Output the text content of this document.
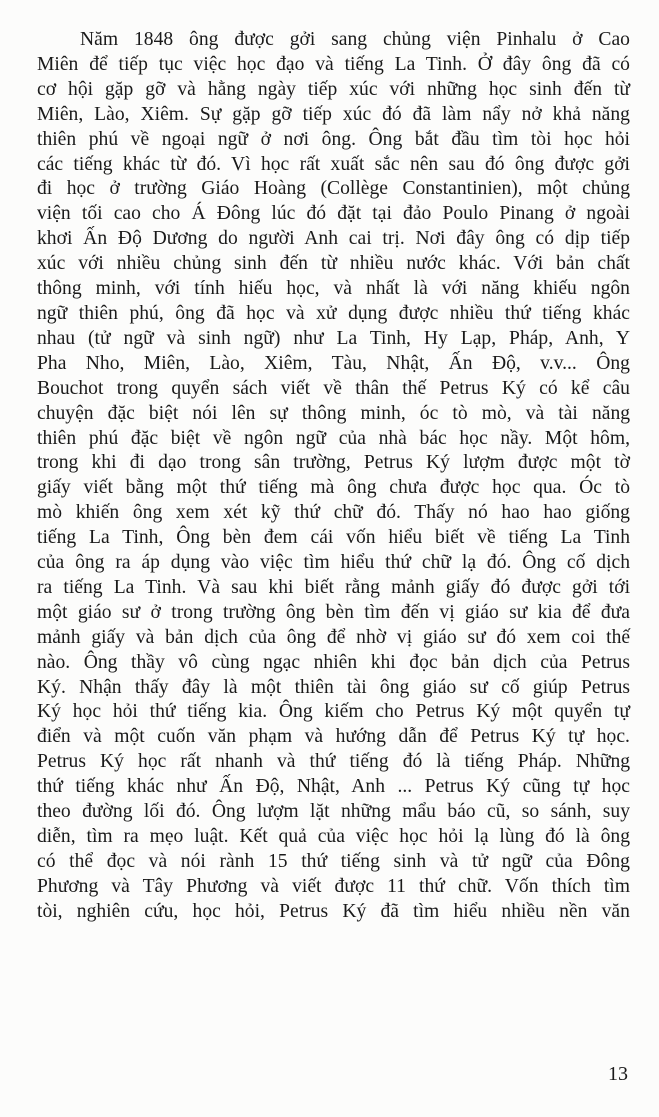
Năm 1848 ông được gởi sang chủng viện Pinhalu ở Cao
Miên để tiếp tục việc học đạo và tiếng La Tinh. Ở đây ông đã có
cơ hội gặp gỡ và hằng ngày tiếp xúc với những học sinh đến từ
Miên, Lào, Xiêm. Sự gặp gỡ tiếp xúc đó đã làm nẩy nở khả năng
thiên phú về ngoại ngữ ở nơi ông. Ông bắt đầu tìm tòi học hỏi
các tiếng khác từ đó. Vì học rất xuất sắc nên sau đó ông được gởi
đi học ở trường Giáo Hoàng (Collège Constantinien), một chủng
viện tối cao cho Á Đông lúc đó đặt tại đảo Poulo Pinang ở ngoài
khơi Ấn Độ Dương do người Anh cai trị. Nơi đây ông có dịp tiếp
xúc với nhiều chủng sinh đến từ nhiều nước khác. Với bản chất
thông minh, với tính hiếu học, và nhất là với năng khiếu ngôn
ngữ thiên phú, ông đã học và xử dụng được nhiều thứ tiếng khác
nhau (tử ngữ và sinh ngữ) như La Tinh, Hy Lạp, Pháp, Anh, Y
Pha Nho, Miên, Lào, Xiêm, Tàu, Nhật, Ấn Độ, v.v... Ông
Bouchot trong quyển sách viết về thân thế Petrus Ký có kể câu
chuyện đặc biệt nói lên sự thông minh, óc tò mò, và tài năng
thiên phú đặc biệt về ngôn ngữ của nhà bác học nầy. Một hôm,
trong khi đi dạo trong sân trường, Petrus Ký lượm được một tờ
giấy viết bằng một thứ tiếng mà ông chưa được học qua. Óc tò
mò khiến ông xem xét kỹ thứ chữ đó. Thấy nó hao hao giống
tiếng La Tinh, Ông bèn đem cái vốn hiểu biết về tiếng La Tinh
của ông ra áp dụng vào việc tìm hiểu thứ chữ lạ đó. Ông cố dịch
ra tiếng La Tinh. Và sau khi biết rằng mảnh giấy đó được gởi tới
một giáo sư ở trong trường ông bèn tìm đến vị giáo sư kia để đưa
mảnh giấy và bản dịch của ông để nhờ vị giáo sư đó xem coi thế
nào. Ông thầy vô cùng ngạc nhiên khi đọc bản dịch của Petrus
Ký. Nhận thấy đây là một thiên tài ông giáo sư cố giúp Petrus
Ký học hỏi thứ tiếng kia. Ông kiếm cho Petrus Ký một quyển tự
điển và một cuốn văn phạm và hướng dẫn để Petrus Ký tự học.
Petrus Ký học rất nhanh và thứ tiếng đó là tiếng Pháp. Những
thứ tiếng khác như Ấn Độ, Nhật, Anh ... Petrus Ký cũng tự học
theo đường lối đó. Ông lượm lặt những mẩu báo cũ, so sánh, suy
diễn, tìm ra mẹo luật. Kết quả của việc học hỏi lạ lùng đó là ông
có thể đọc và nói rành 15 thứ tiếng sinh và tử ngữ của Đông
Phương và Tây Phương và viết được 11 thứ chữ. Vốn thích tìm
tòi, nghiên cứu, học hỏi, Petrus Ký đã tìm hiểu nhiều nền văn
13
